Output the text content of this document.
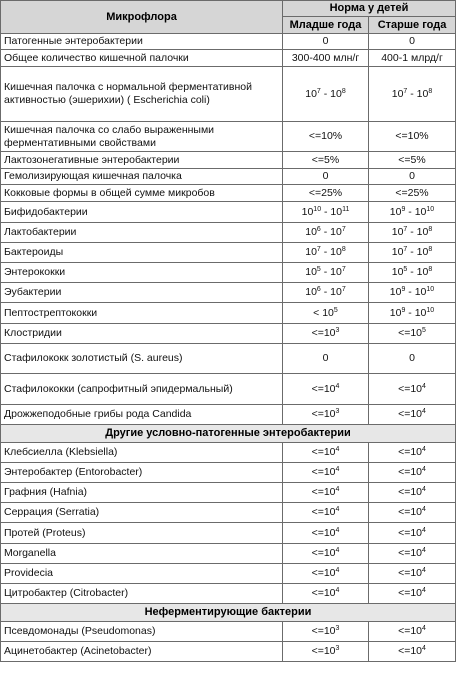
Микрофлора	Норма у детей	
	Младше года	Старше года
Патогенные энтеробактерии	0	0
Общее количество кишечной палочки	300-400 млн/г	400-1 млрд/г
Кишечная палочка с нормальной ферментативной активностью (эшерихии) ( Escherichia coli)	$10^7 - 10^8$	$10^7 - 10^8$
Кишечная палочка со слабо выраженными ферментативными свойствами	<=10%	<=10%
Лактозонегативные энтеробактерии	<=5%	<=5%
Гемолизирующая кишечная палочка	0	0
Кокковые формы в общей сумме микробов	<=25%	<=25%
Бифидобактерии	$10^{10} - 10^{11}$	$10^9 - 10^{10}$
Лактобактерии	$10^6 - 10^7$	$10^7 - 10^8$
Бактероиды	$10^7 - 10^8$	$10^7 - 10^8$
Энтерококки	$10^5 - 10^7$	$10^5 - 10^8$
Эубактерии	$10^6 - 10^7$	$10^9 - 10^{10}$
Пептострептококки	< $10^5$	$10^9 - 10^{10}$
Клостридии	$<=10^3$	$<=10^5$
Стафилококк золотистый (S. aureus)	0	0
Стафилококки (сапрофитный эпидермальный)	$<=10^4$	$<=10^4$
Дрожжеподобные грибы рода Candida	$<=10^3$	$<=10^4$
Другие условно-патогенные энтеробактерии		
Клебсиелла (Klebsiella)	$<=10^4$	$<=10^4$
Энтеробактер (Entorobacter)	$<=10^4$	$<=10^4$
Графния (Hafnia)	$<=10^4$	$<=10^4$
Серрация (Serratia)	$<=10^4$	$<=10^4$
Протей (Proteus)	$<=10^4$	$<=10^4$
Morganella	$<=10^4$	$<=10^4$
Providecia	$<=10^4$	$<=10^4$
Цитробактер (Citrobacter)	$<=10^4$	$<=10^4$
Неферментирующие бактерии		
Псевдомонады (Pseudomonas)	$<=10^3$	$<=10^4$
Ацинетобактер (Acinetobacter)	$<=10^3$	$<=10^4$
